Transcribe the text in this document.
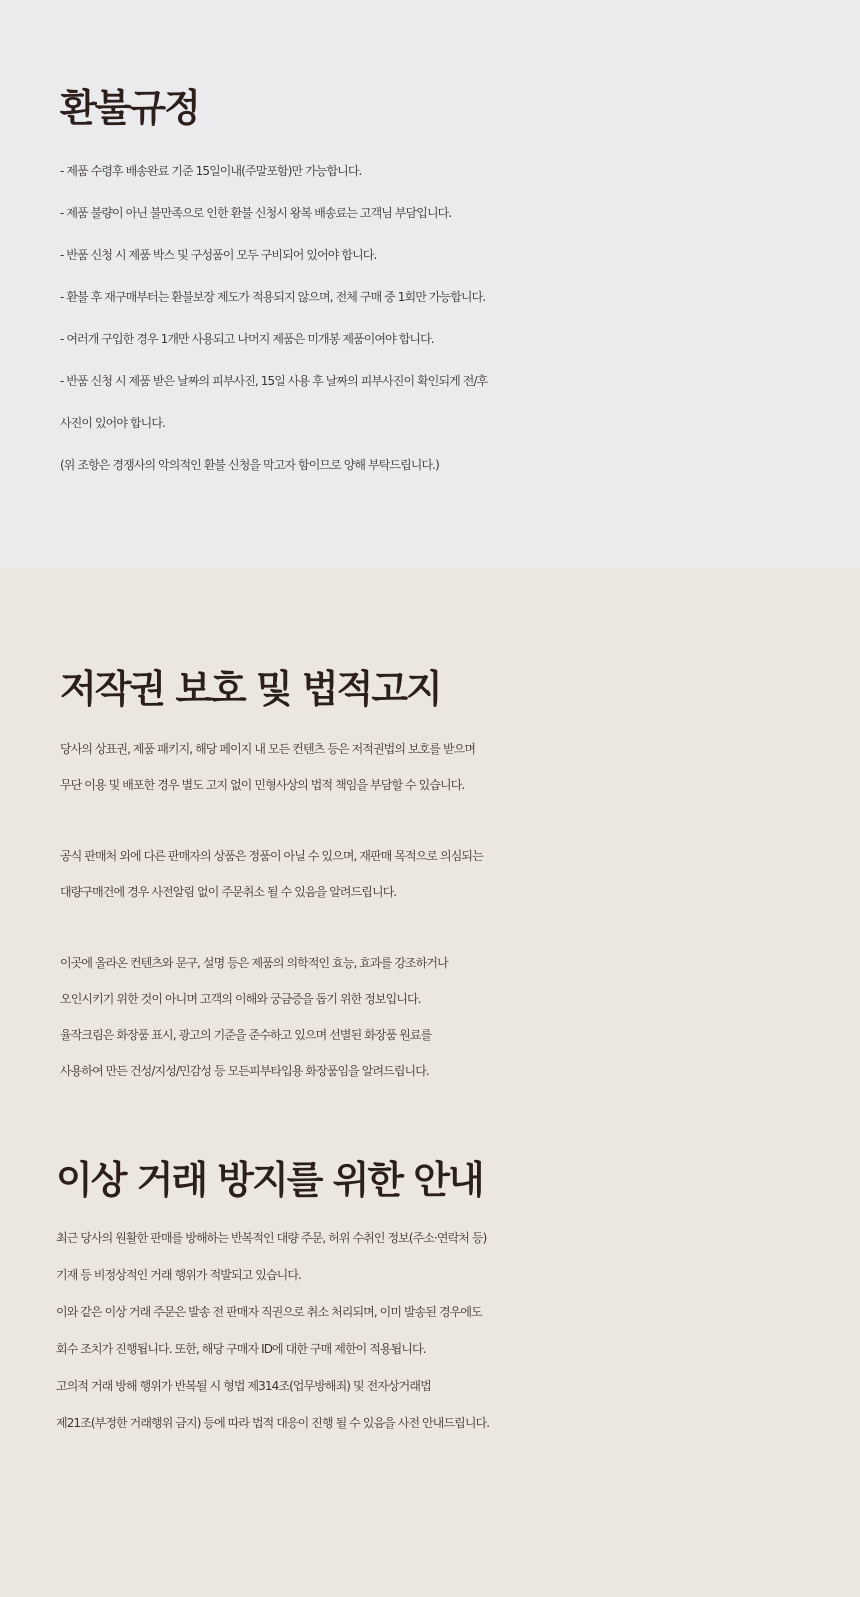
환불규정
- 제품 수령후 배송완료 기준 15일이내(주말포함)만 가능합니다.
- 제품 불량이 아닌 불만족으로 인한 환불 신청시 왕복 배송료는 고객님 부담입니다.
- 반품 신청 시 제품 박스 및 구성품이 모두 구비되어 있어야 합니다.
- 환불 후 재구매부터는 환불보장 제도가 적용되지 않으며, 전체 구매 중 1회만 가능합니다.
- 여러개 구입한 경우 1개만 사용되고 나머지 제품은 미개봉 제품이여야 합니다.
- 반품 신청 시 제품 받은 날짜의 피부사진, 15일 사용 후 날짜의 피부사진이 확인되게 전/후
사진이 있어야 합니다.
(위 조항은 경쟁사의 악의적인 환불 신청을 막고자 함이므로 양해 부탁드립니다.)
저작권 보호 및 법적고지
당사의 상표권, 제품 패키지, 해당 페이지 내 모든 컨텐츠 등은 저적권법의 보호를 받으며
무단 이용 및 배포한 경우 별도 고지 없이 민형사상의 법적 책임을 부담할 수 있습니다.
공식 판매처 외에 다른 판매자의 상품은 정품이 아닐 수 있으며, 재판매 목적으로 의심되는
대량구매건에 경우 사전알림 없이 주문취소 될 수 있음을 알려드립니다.
이곳에 올라온 컨텐츠와 문구, 설명 등은 제품의 의학적인 효능, 효과를 강조하거나
오인시키기 위한 것이 아니며 고객의 이해와 궁금증을 돕기 위한 정보입니다.
율작크림은 화장품 표시, 광고의 기준을 준수하고 있으며 선별된 화장품 원료를
사용하여 만든 건성/지성/민감성 등 모든피부타입용 화장품임을 알려드립니다.
이상 거래 방지를 위한 안내
최근 당사의 원활한 판매를 방해하는 반복적인 대량 주문, 허위 수취인 정보(주소·연락처 등)
기재 등 비정상적인 거래 행위가 적발되고 있습니다.
이와 같은 이상 거래 주문은 발송 전 판매자 직권으로 취소 처리되며, 이미 발송된 경우에도
회수 조치가 진행됩니다. 또한, 해당 구매자 ID에 대한 구매 제한이 적용됩니다.
고의적 거래 방해 행위가 반복될 시 형법 제314조(업무방해죄) 및 전자상거래법
제21조(부정한 거래행위 금지) 등에 따라 법적 대응이 진행 될 수 있음을 사전 안내드립니다.
